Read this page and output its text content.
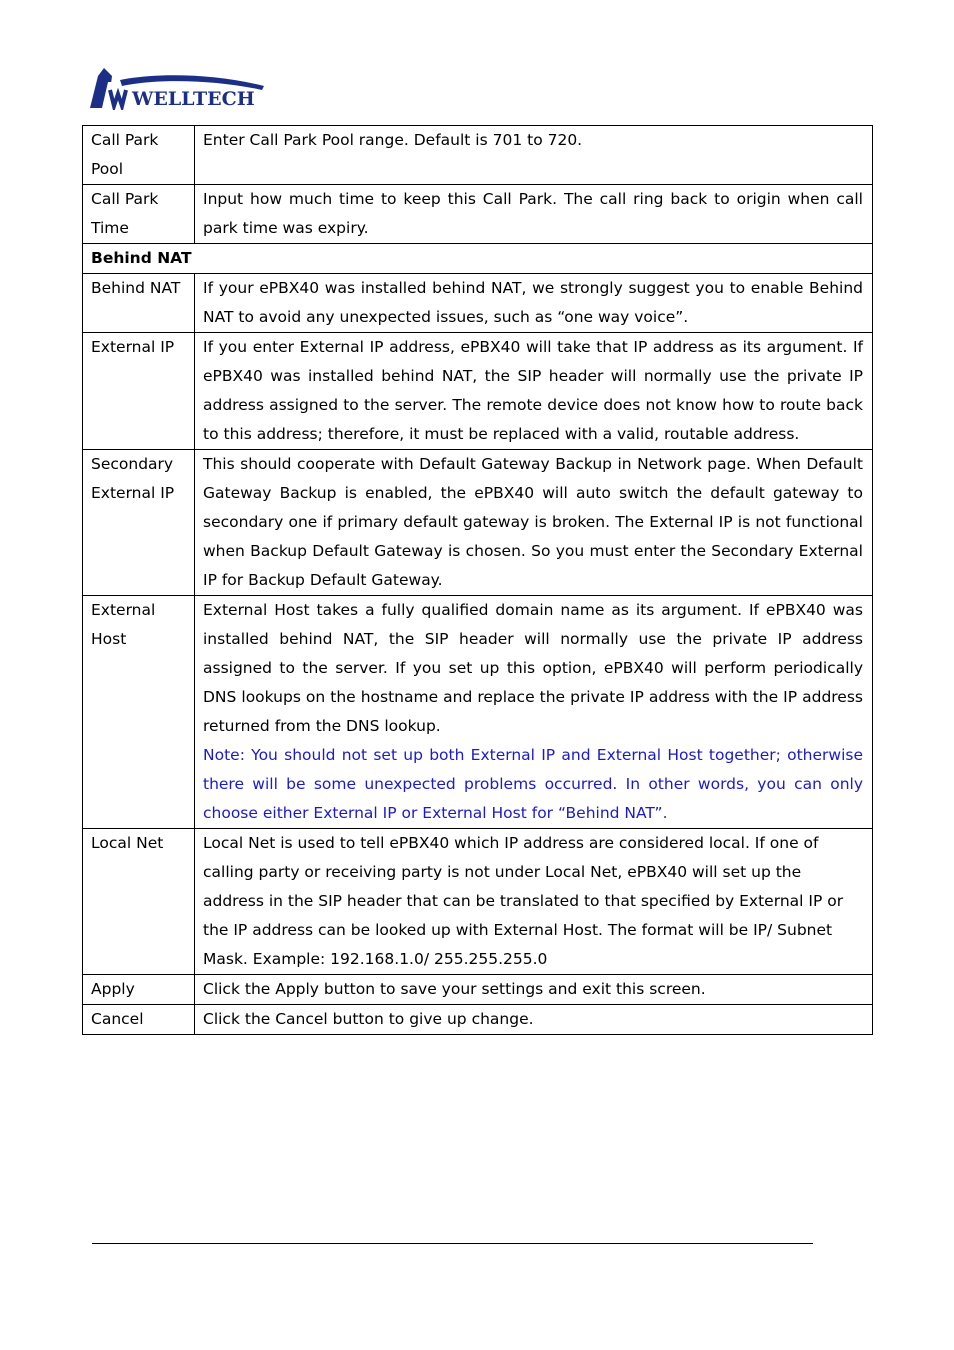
WELLTECH
Call Park Pool	Enter Call Park Pool range. Default is 701 to 720.
Call Park Time	Input how much time to keep this Call Park. The call ring back to origin when call park time was expiry.
Behind NAT	
Behind NAT	If your ePBX40 was installed behind NAT, we strongly suggest you to enable Behind NAT to avoid any unexpected issues, such as “one way voice”.
External IP	If you enter External IP address, ePBX40 will take that IP address as its argument. If ePBX40 was installed behind NAT, the SIP header will normally use the private IP address assigned to the server. The remote device does not know how to route back to this address; therefore, it must be replaced with a valid, routable address.
Secondary External IP	This should cooperate with Default Gateway Backup in Network page. When Default Gateway Backup is enabled, the ePBX40 will auto switch the default gateway to secondary one if primary default gateway is broken. The External IP is not functional when Backup Default Gateway is chosen. So you must enter the Secondary External IP for Backup Default Gateway.
External Host	External Host takes a fully qualified domain name as its argument. If ePBX40 was installed behind NAT, the SIP header will normally use the private IP address assigned to the server. If you set up this option, ePBX40 will perform periodically DNS lookups on the hostname and replace the private IP address with the IP address returned from the DNS lookup.
Note: You should not set up both External IP and External Host together; otherwise there will be some unexpected problems occurred. In other words, you can only choose either External IP or External Host for “Behind NAT”.

Local Net	Local Net is used to tell ePBX40 which IP address are considered local. If one of calling party or receiving party is not under Local Net, ePBX40 will set up the address in the SIP header that can be translated to that specified by External IP or the IP address can be looked up with External Host. The format will be IP/ Subnet Mask. Example: 192.168.1.0/ 255.255.255.0
Apply	Click the Apply button to save your settings and exit this screen.
Cancel	Click the Cancel button to give up change.
